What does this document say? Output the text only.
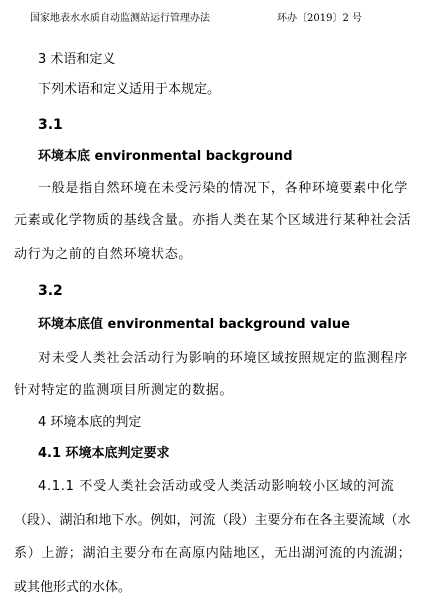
国家地表水水质自动监测站运行管理办法	环办〔2019〕2 号
3 术语和定义
下列术语和定义适用于本规定。
3.1
环境本底 environmental background
一般是指自然环境在未受污染的情况下，各种环境要素中化学
元素或化学物质的基线含量。亦指人类在某个区域进行某种社会活
动行为之前的自然环境状态。
3.2
环境本底值 environmental background value
对未受人类社会活动行为影响的环境区域按照规定的监测程序
针对特定的监测项目所测定的数据。
4 环境本底的判定
4.1 环境本底判定要求
4.1.1 不受人类社会活动或受人类活动影响较小区域的河流
（段）、湖泊和地下水。例如，河流（段）主要分布在各主要流域（水
系）上游；湖泊主要分布在高原内陆地区，无出湖河流的内流湖；
或其他形式的水体。
